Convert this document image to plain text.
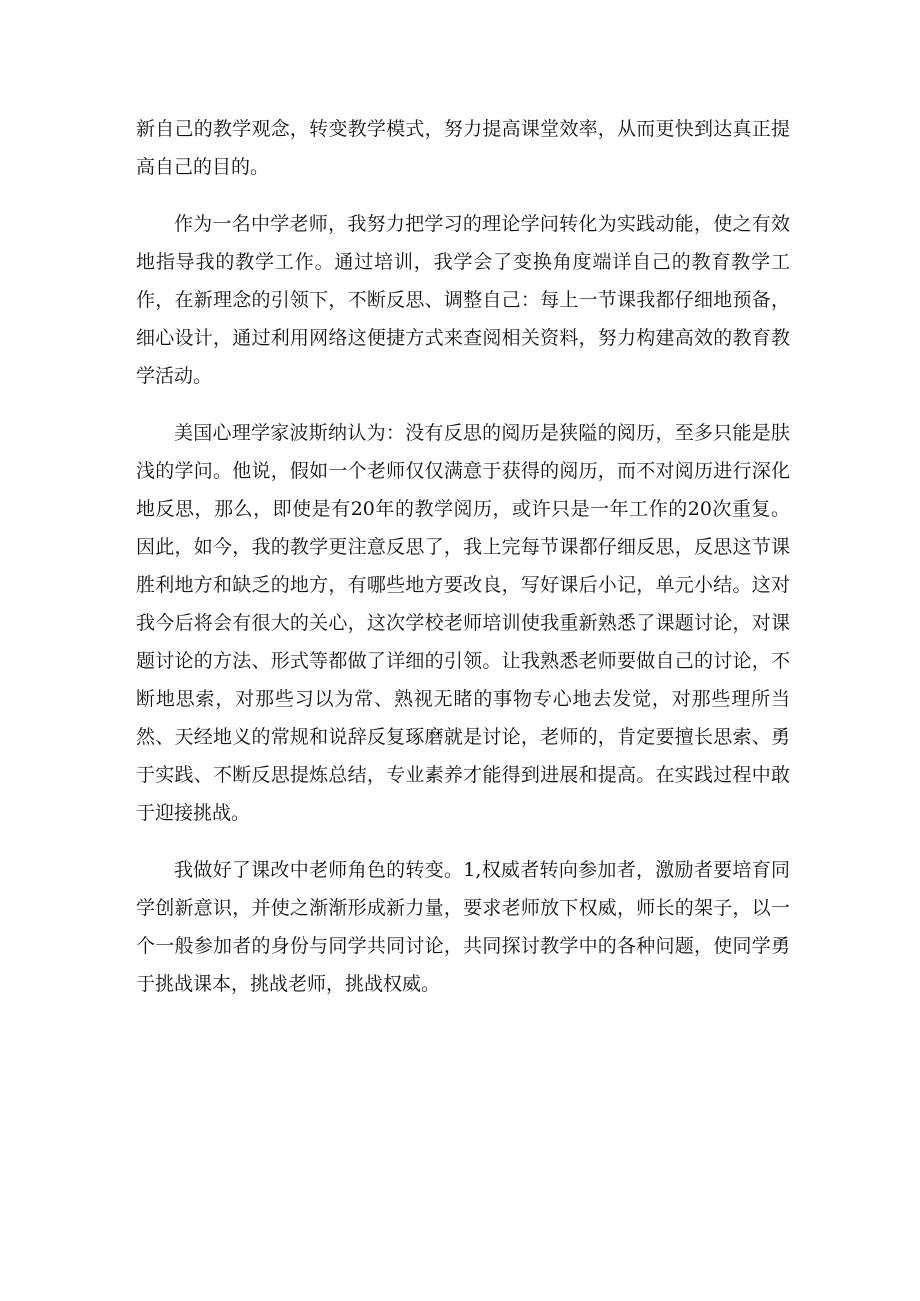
新自己的教学观念，转变教学模式，努力提高课堂效率，从而更快到达真正提高自己的目的。

作为一名中学老师，我努力把学习的理论学问转化为实践动能，使之有效地指导我的教学工作。通过培训，我学会了变换角度端详自己的教育教学工作，在新理念的引领下，不断反思、调整自己：每上一节课我都仔细地预备，细心设计，通过利用网络这便捷方式来查阅相关资料，努力构建高效的教育教学活动。

美国心理学家波斯纳认为：没有反思的阅历是狭隘的阅历，至多只能是肤浅的学问。他说，假如一个老师仅仅满意于获得的阅历，而不对阅历进行深化地反思，那么，即使是有20年的教学阅历，或许只是一年工作的20次重复。因此，如今，我的教学更注意反思了，我上完每节课都仔细反思，反思这节课胜利地方和缺乏的地方，有哪些地方要改良，写好课后小记，单元小结。这对我今后将会有很大的关心，这次学校老师培训使我重新熟悉了课题讨论，对课题讨论的方法、形式等都做了详细的引领。让我熟悉老师要做自己的讨论，不断地思索，对那些习以为常、熟视无睹的事物专心地去发觉，对那些理所当然、天经地义的常规和说辞反复琢磨就是讨论，老师的，肯定要擅长思索、勇于实践、不断反思提炼总结，专业素养才能得到进展和提高。在实践过程中敢于迎接挑战。

我做好了课改中老师角色的转变。1,权威者转向参加者，激励者要培育同学创新意识，并使之渐渐形成新力量，要求老师放下权威，师长的架子，以一个一般参加者的身份与同学共同讨论，共同探讨教学中的各种问题，使同学勇于挑战课本，挑战老师，挑战权威。
